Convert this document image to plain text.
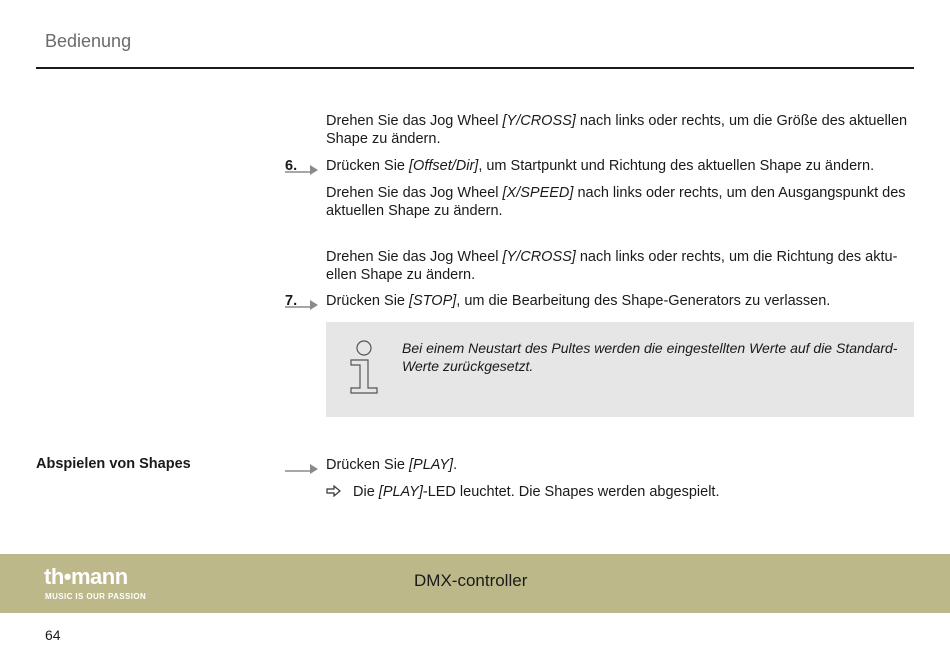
Bedienung
Drehen Sie das Jog Wheel [Y/CROSS] nach links oder rechts, um die Größe des aktuellen Shape zu ändern.
6. Drücken Sie [Offset/Dir], um Startpunkt und Richtung des aktuellen Shape zu ändern.
Drehen Sie das Jog Wheel [X/SPEED] nach links oder rechts, um den Ausgangspunkt des aktuellen Shape zu ändern.
Drehen Sie das Jog Wheel [Y/CROSS] nach links oder rechts, um die Richtung des aktuellen Shape zu ändern.
7. Drücken Sie [STOP], um die Bearbeitung des Shape-Generators zu verlassen.
Bei einem Neustart des Pultes werden die eingestellten Werte auf die Standard-Werte zurückgesetzt.
Abspielen von Shapes	Drücken Sie [PLAY].
Die [PLAY]-LED leuchtet. Die Shapes werden abgespielt.
th•mann
MUSIC IS OUR PASSION
DMX-controller
64
